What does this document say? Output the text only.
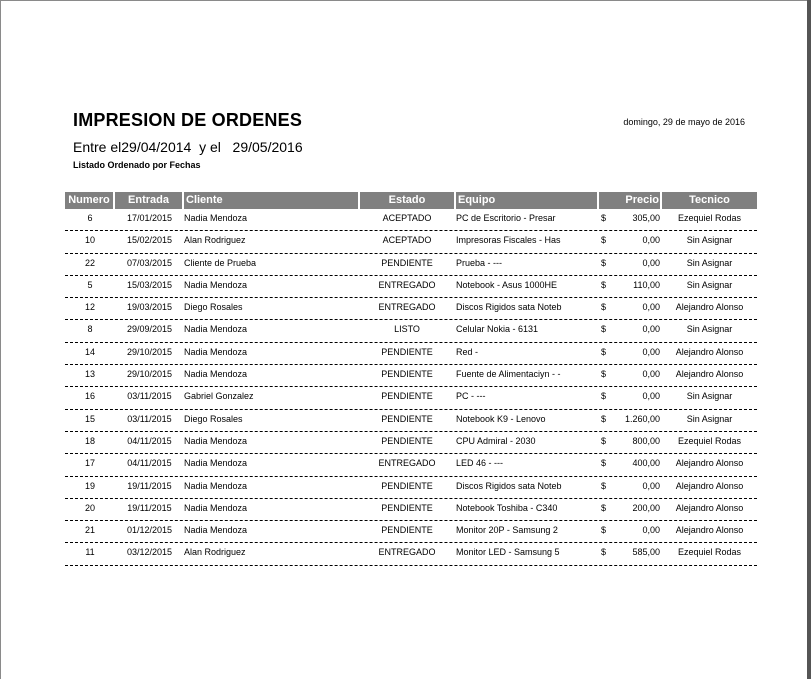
IMPRESION DE ORDENES	domingo, 29 de mayo de 2016
Entre el29/04/2014  y el   29/05/2016
Listado Ordenado por Fechas
Numero	Entrada	Cliente	Estado	Equipo	Precio	Tecnico
6	17/01/2015	Nadia Mendoza	ACEPTADO	PC de Escritorio - Presar	$	305,00	Ezequiel Rodas
10	15/02/2015	Alan Rodriguez	ACEPTADO	Impresoras Fiscales - Has	$	0,00	Sin Asignar
22	07/03/2015	Cliente de Prueba	PENDIENTE	Prueba - ---	$	0,00	Sin Asignar
5	15/03/2015	Nadia Mendoza	ENTREGADO	Notebook - Asus 1000HE	$	110,00	Sin Asignar
12	19/03/2015	Diego Rosales	ENTREGADO	Discos Rigidos sata Noteb	$	0,00	Alejandro Alonso
8	29/09/2015	Nadia Mendoza	LISTO	Celular Nokia - 6131	$	0,00	Sin Asignar
14	29/10/2015	Nadia Mendoza	PENDIENTE	Red -	$	0,00	Alejandro Alonso
13	29/10/2015	Nadia Mendoza	PENDIENTE	Fuente de Alimentaciyn - -	$	0,00	Alejandro Alonso
16	03/11/2015	Gabriel Gonzalez	PENDIENTE	PC - ---	$	0,00	Sin Asignar
15	03/11/2015	Diego Rosales	PENDIENTE	Notebook K9 - Lenovo	$	1.260,00	Sin Asignar
18	04/11/2015	Nadia Mendoza	PENDIENTE	CPU Admiral - 2030	$	800,00	Ezequiel Rodas
17	04/11/2015	Nadia Mendoza	ENTREGADO	LED 46 - ---	$	400,00	Alejandro Alonso
19	19/11/2015	Nadia Mendoza	PENDIENTE	Discos Rigidos sata Noteb	$	0,00	Alejandro Alonso
20	19/11/2015	Nadia Mendoza	PENDIENTE	Notebook Toshiba - C340	$	200,00	Alejandro Alonso
21	01/12/2015	Nadia Mendoza	PENDIENTE	Monitor 20P - Samsung 2	$	0,00	Alejandro Alonso
11	03/12/2015	Alan Rodriguez	ENTREGADO	Monitor LED - Samsung 5	$	585,00	Ezequiel Rodas
